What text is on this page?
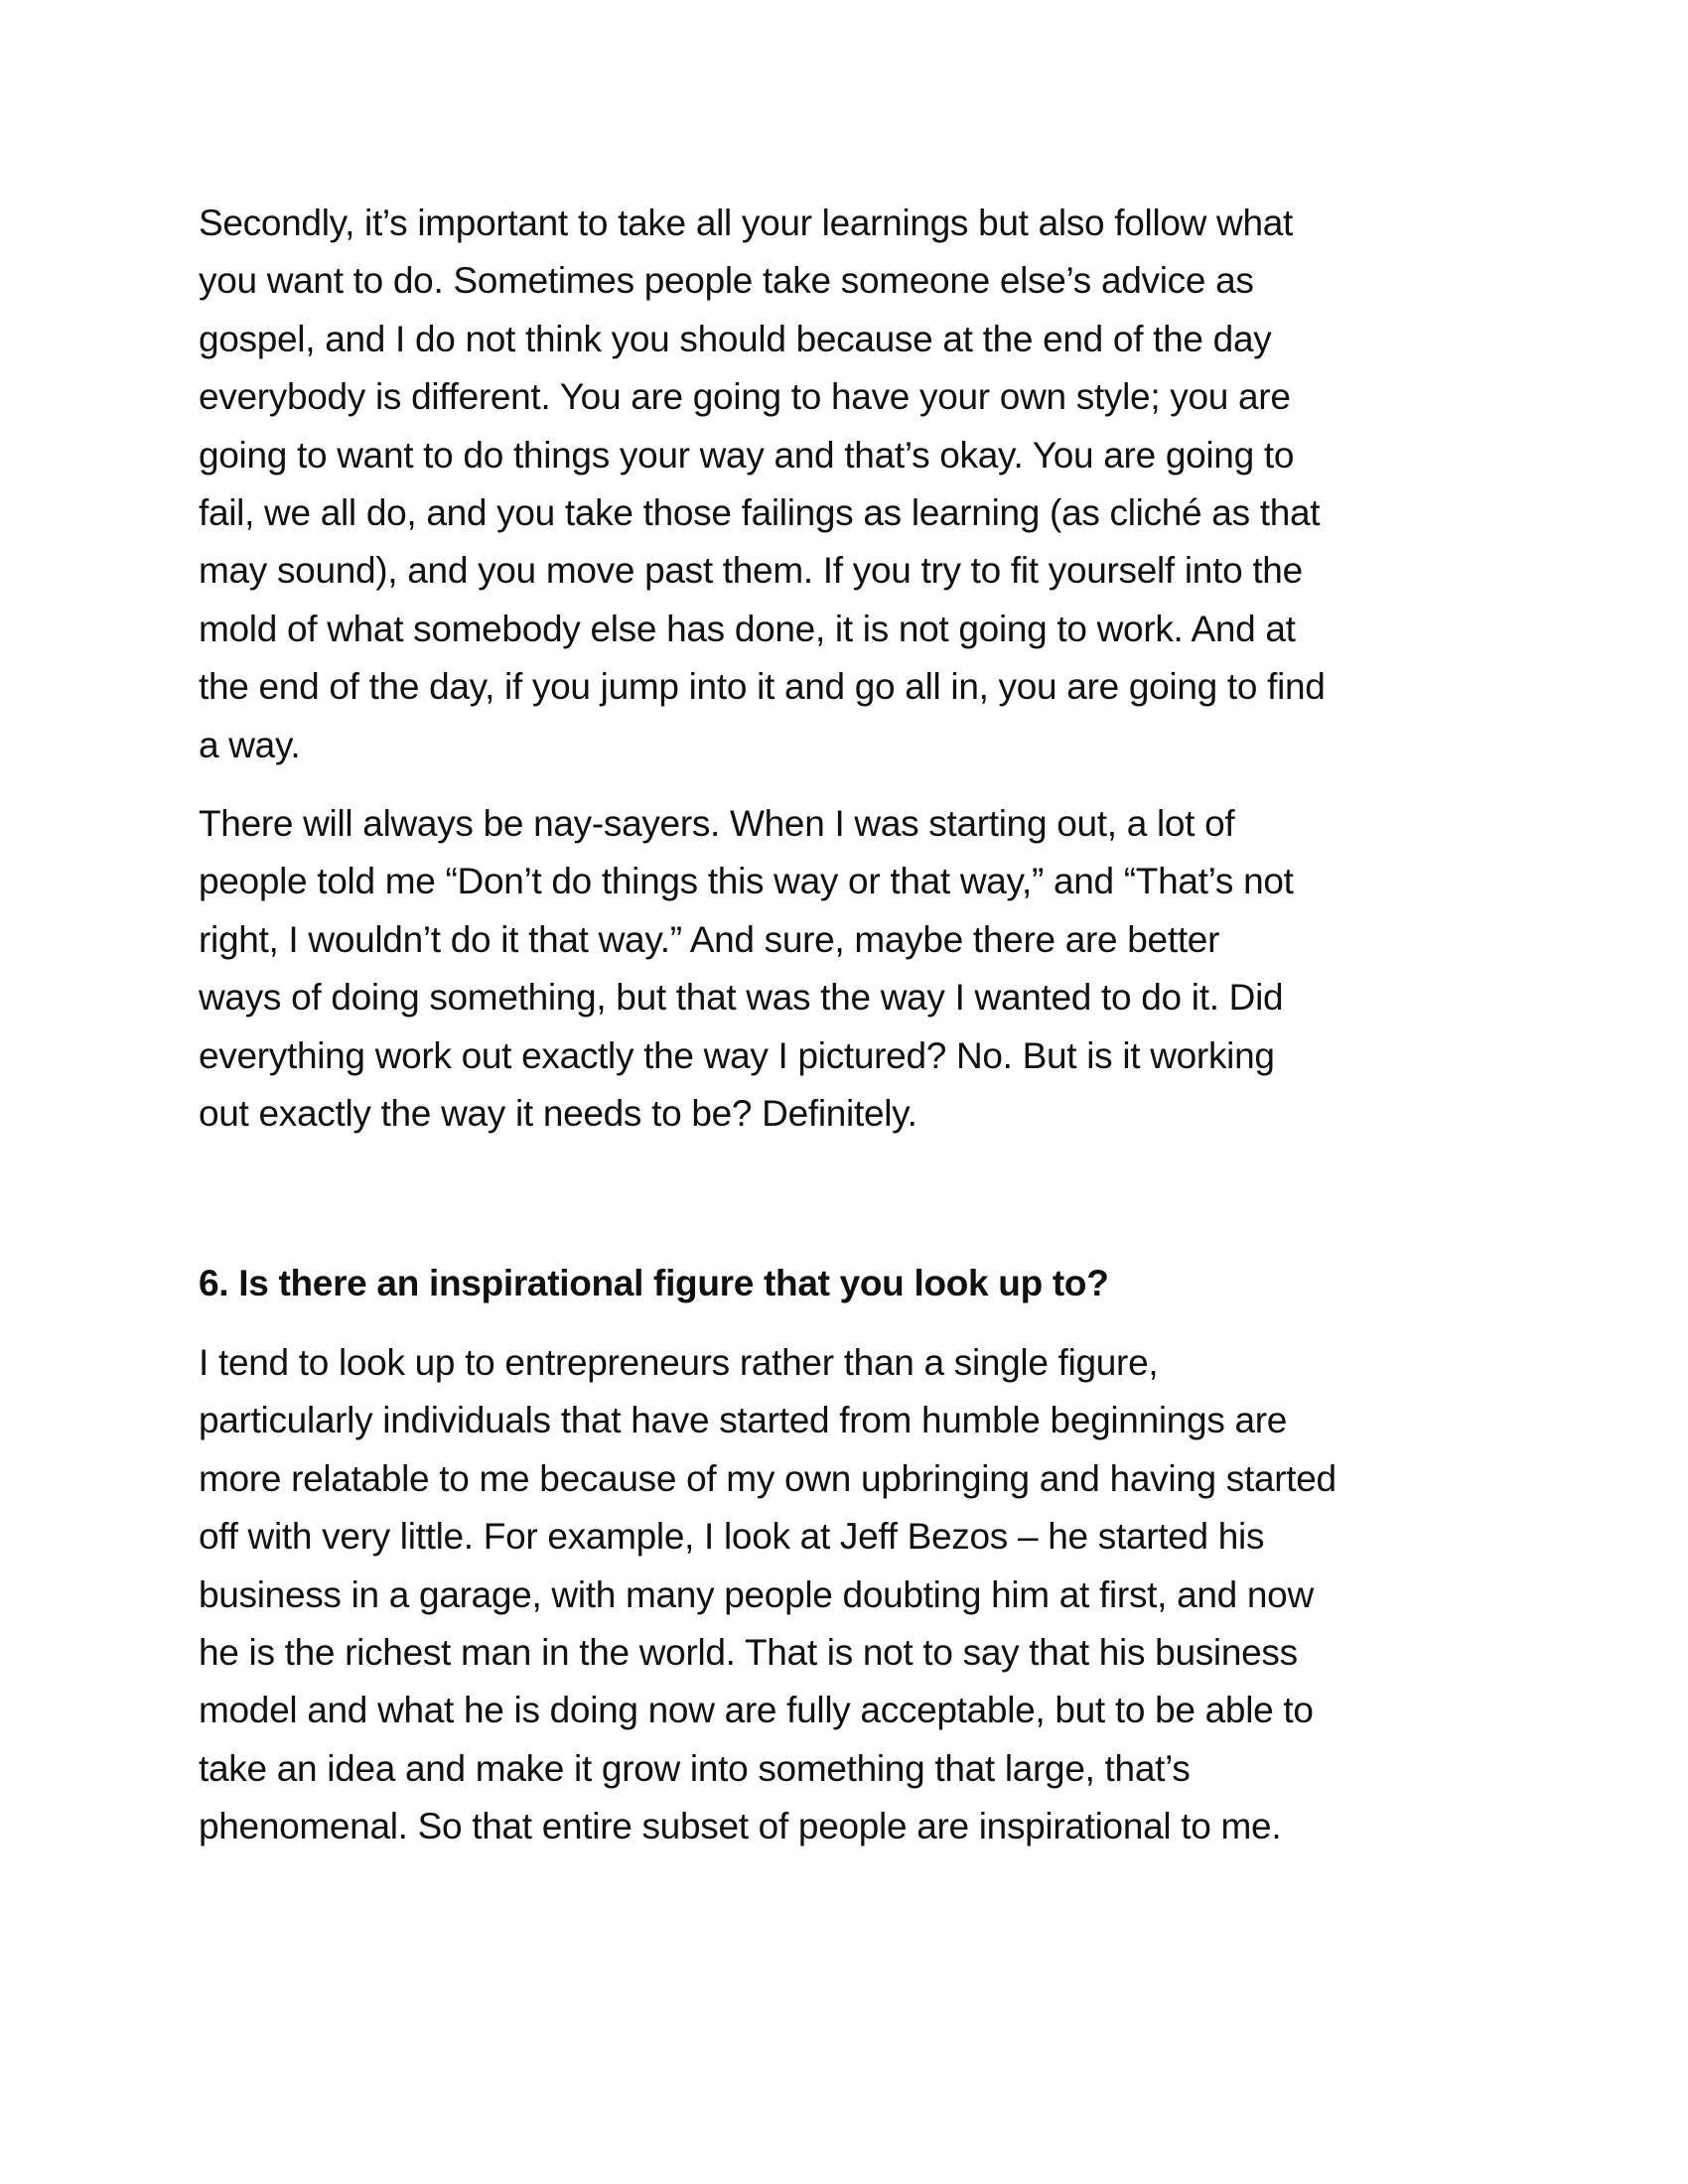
Secondly, it’s important to take all your learnings but also follow what
you want to do. Sometimes people take someone else’s advice as
gospel, and I do not think you should because at the end of the day
everybody is different. You are going to have your own style; you are
going to want to do things your way and that’s okay. You are going to
fail, we all do, and you take those failings as learning (as cliché as that
may sound), and you move past them. If you try to fit yourself into the
mold of what somebody else has done, it is not going to work. And at
the end of the day, if you jump into it and go all in, you are going to find
a way.

There will always be nay-sayers. When I was starting out, a lot of
people told me “Don’t do things this way or that way,” and “That’s not
right, I wouldn’t do it that way.” And sure, maybe there are better
ways of doing something, but that was the way I wanted to do it. Did
everything work out exactly the way I pictured? No. But is it working
out exactly the way it needs to be? Definitely.

6. Is there an inspirational figure that you look up to?

I tend to look up to entrepreneurs rather than a single figure,
particularly individuals that have started from humble beginnings are
more relatable to me because of my own upbringing and having started
off with very little. For example, I look at Jeff Bezos – he started his
business in a garage, with many people doubting him at first, and now
he is the richest man in the world. That is not to say that his business
model and what he is doing now are fully acceptable, but to be able to
take an idea and make it grow into something that large, that’s
phenomenal. So that entire subset of people are inspirational to me.
